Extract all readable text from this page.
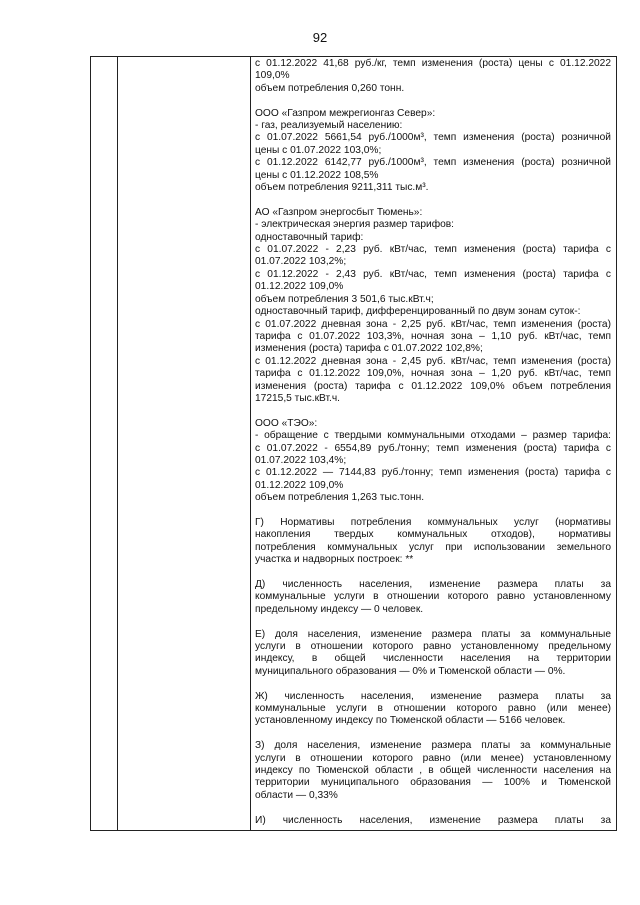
92

с 01.12.2022 41,68 руб./кг, темп изменения (роста) цены с 01.12.2022

109,0%

объем потребления 0,260 тонн.

ООО «Газпром межрегионгаз Север»:

- газ, реализуемый населению:

с 01.07.2022 5661,54 руб./1000м³, темп изменения (роста) розничной

цены с 01.07.2022 103,0%;

с 01.12.2022 6142,77 руб./1000м³, темп изменения (роста) розничной

цены с 01.12.2022 108,5%

объем потребления 9211,311 тыс.м³.

АО «Газпром энергосбыт Тюмень»:

- электрическая энергия размер тарифов:

одноставочный тариф:

с 01.07.2022 - 2,23 руб. кВт/час, темп изменения (роста) тарифа с

01.07.2022 103,2%;

с 01.12.2022 - 2,43 руб. кВт/час, темп изменения (роста) тарифа с

01.12.2022 109,0%

объем потребления 3 501,6 тыс.кВт.ч;

одноставочный тариф, дифференцированный по двум зонам суток-:

с 01.07.2022 дневная зона - 2,25 руб. кВт/час, темп изменения (роста)

тарифа с 01.07.2022 103,3%, ночная зона – 1,10 руб. кВт/час, темп

изменения (роста) тарифа с 01.07.2022 102,8%;

с 01.12.2022 дневная зона - 2,45 руб. кВт/час, темп изменения (роста)

тарифа с 01.12.2022 109,0%, ночная зона – 1,20 руб. кВт/час, темп

изменения (роста) тарифа с 01.12.2022 109,0% объем потребления

17215,5 тыс.кВт.ч.

ООО «ТЭО»:

- обращение с твердыми коммунальными отходами – размер тарифа:

с 01.07.2022 - 6554,89 руб./тонну; темп изменения (роста) тарифа с

01.07.2022 103,4%;

с 01.12.2022 — 7144,83 руб./тонну; темп изменения (роста) тарифа с

01.12.2022 109,0%

объем потребления 1,263 тыс.тонн.

Г) Нормативы потребления коммунальных услуг (нормативы

накопления твердых коммунальных отходов), нормативы

потребления коммунальных услуг при использовании земельного

участка и надворных построек: **

Д) численность населения, изменение размера платы за

коммунальные услуги в отношении которого равно установленному

предельному индексу — 0 человек.

Е) доля населения, изменение размера платы за коммунальные

услуги в отношении которого равно установленному предельному

индексу, в общей численности населения на территории

муниципального образования — 0% и Тюменской области — 0%.

Ж) численность населения, изменение размера платы за

коммунальные услуги в отношении которого равно (или менее)

установленному индексу по Тюменской области — 5166 человек.

З) доля населения, изменение размера платы за коммунальные

услуги в отношении которого равно (или менее) установленному

индексу по Тюменской области , в общей численности населения на

территории муниципального образования — 100% и Тюменской

области — 0,33%

И) численность населения, изменение размера платы за
